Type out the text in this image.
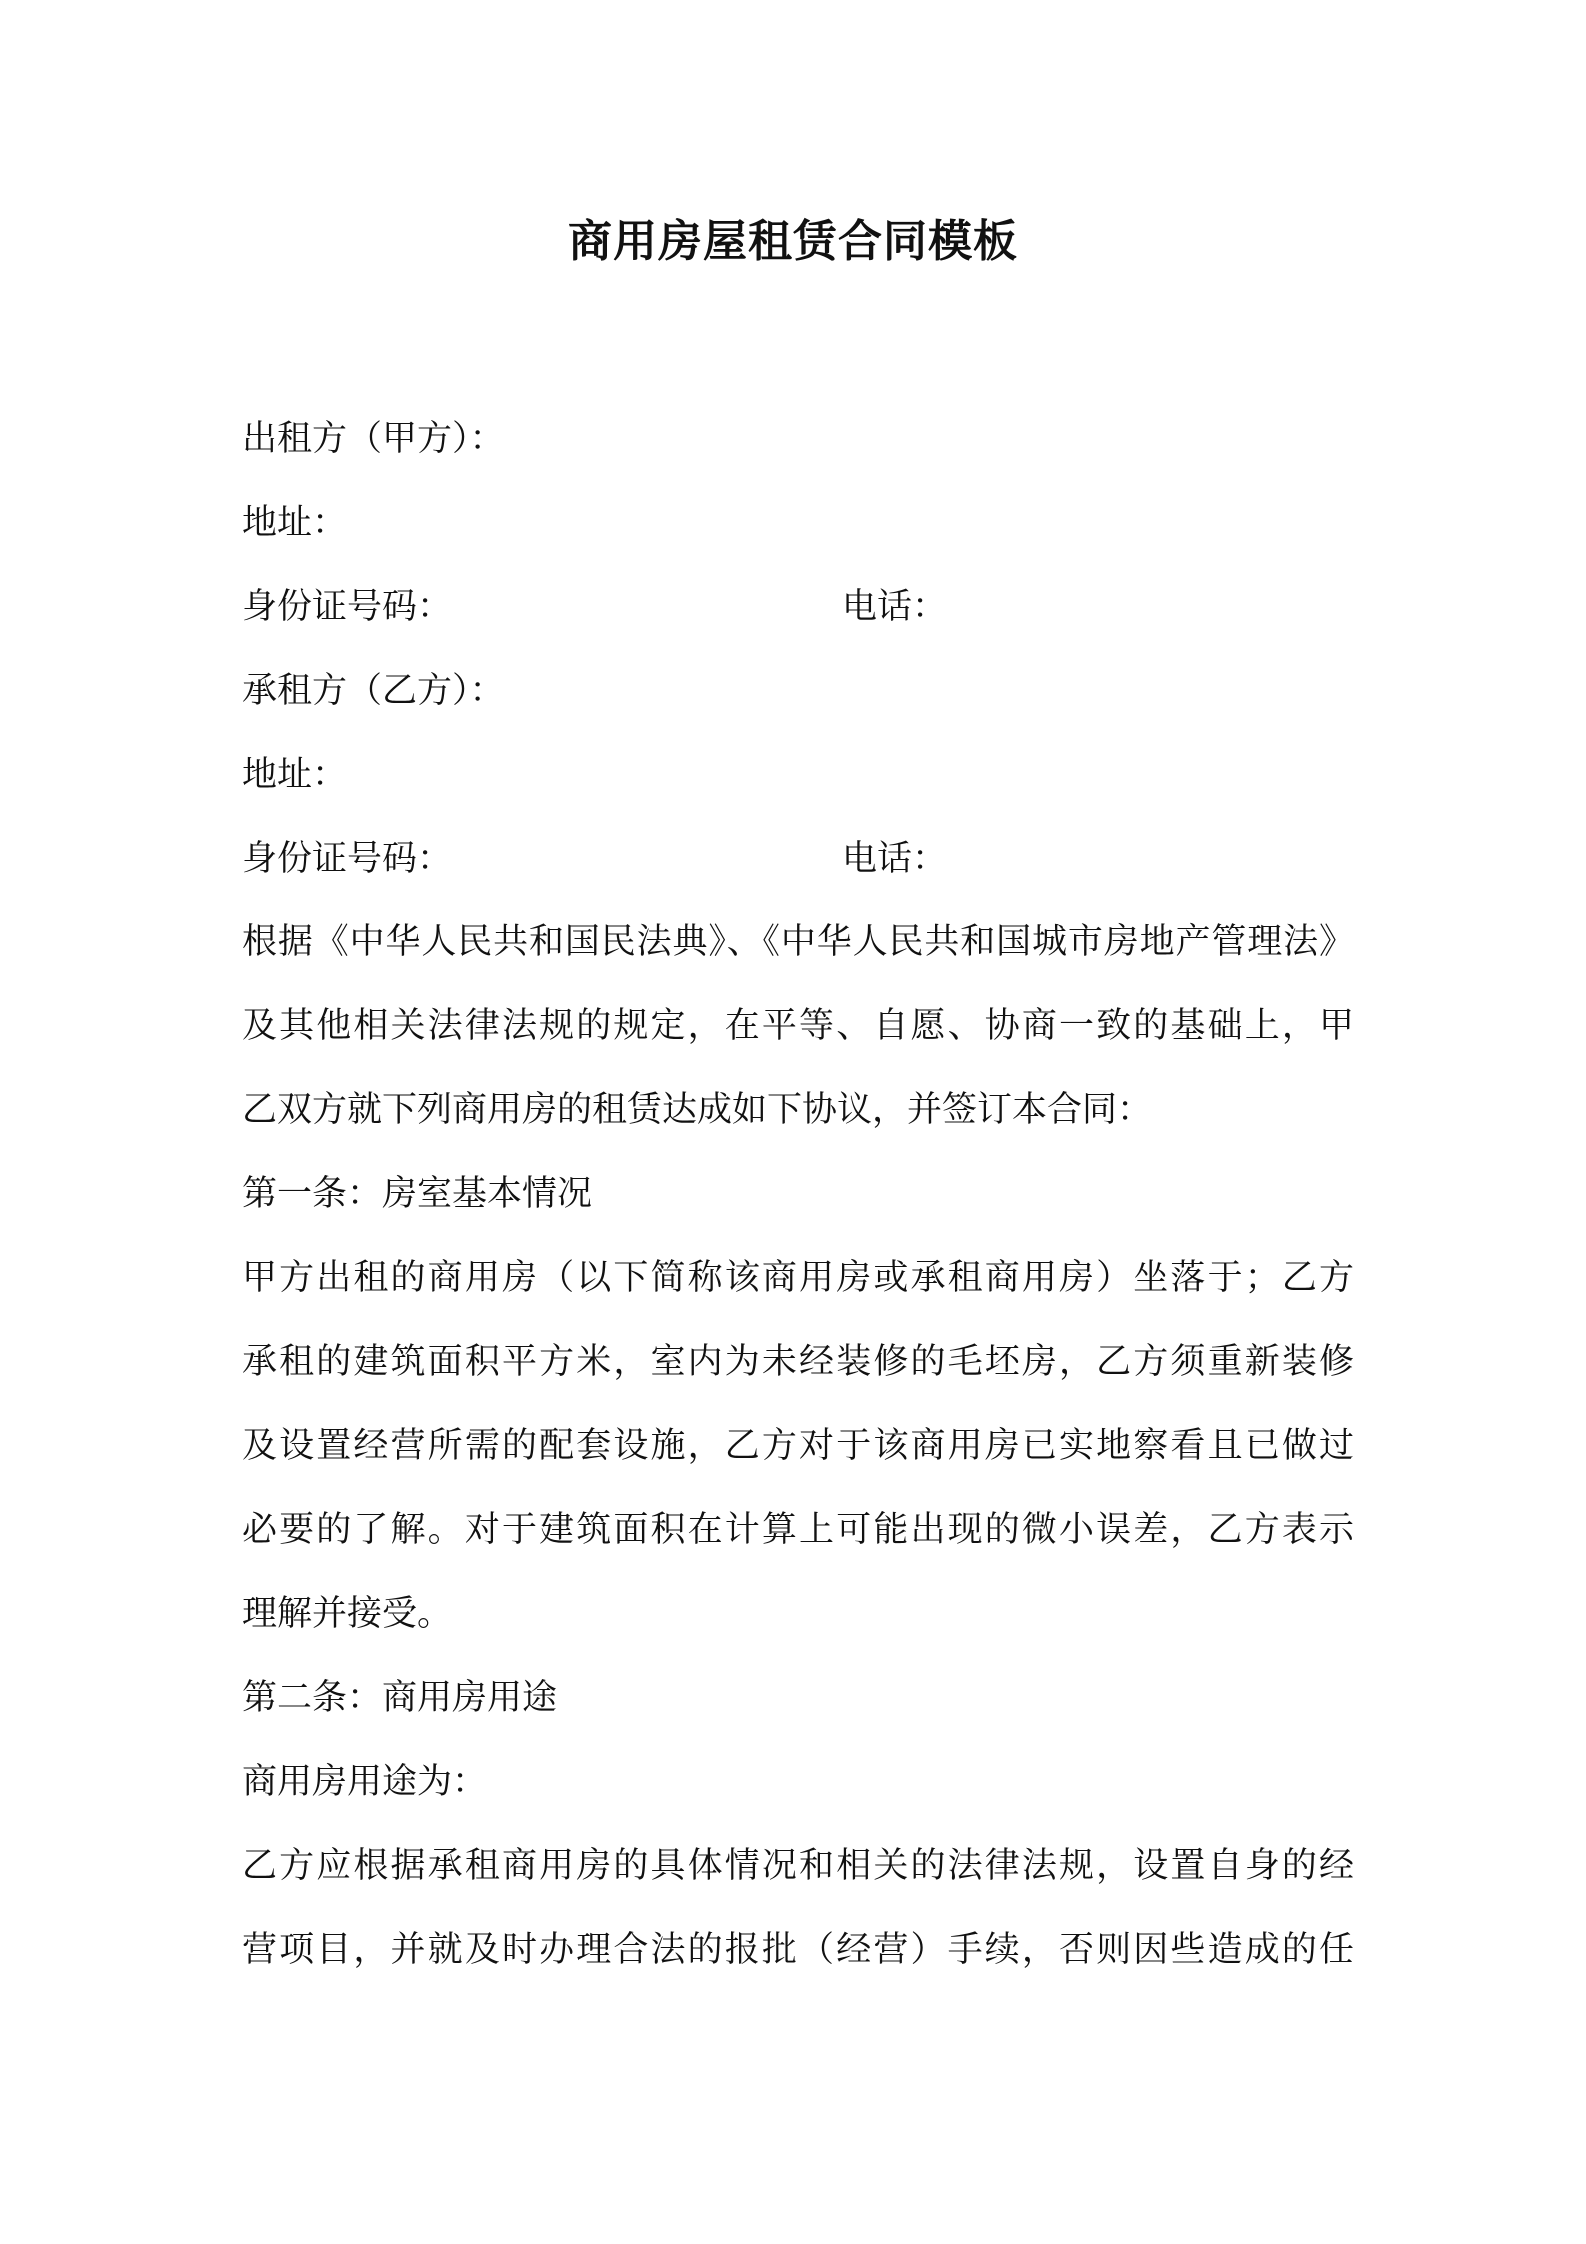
商用房屋租赁合同模板
出租方（甲方）：
地址：
身份证号码：	电话：
承租方（乙方）：
地址：
身份证号码：	电话：
根据《中华人民共和国民法典》、《中华人民共和国城市房地产管理法》
及其他相关法律法规的规定，在平等、自愿、协商一致的基础上，甲
乙双方就下列商用房的租赁达成如下协议，并签订本合同：
第一条：房室基本情况
甲方出租的商用房（以下简称该商用房或承租商用房）坐落于；乙方
承租的建筑面积平方米，室内为未经装修的毛坯房，乙方须重新装修
及设置经营所需的配套设施，乙方对于该商用房已实地察看且已做过
必要的了解。对于建筑面积在计算上可能出现的微小误差，乙方表示
理解并接受。
第二条：商用房用途
商用房用途为：
乙方应根据承租商用房的具体情况和相关的法律法规，设置自身的经
营项目，并就及时办理合法的报批（经营）手续，否则因些造成的任
